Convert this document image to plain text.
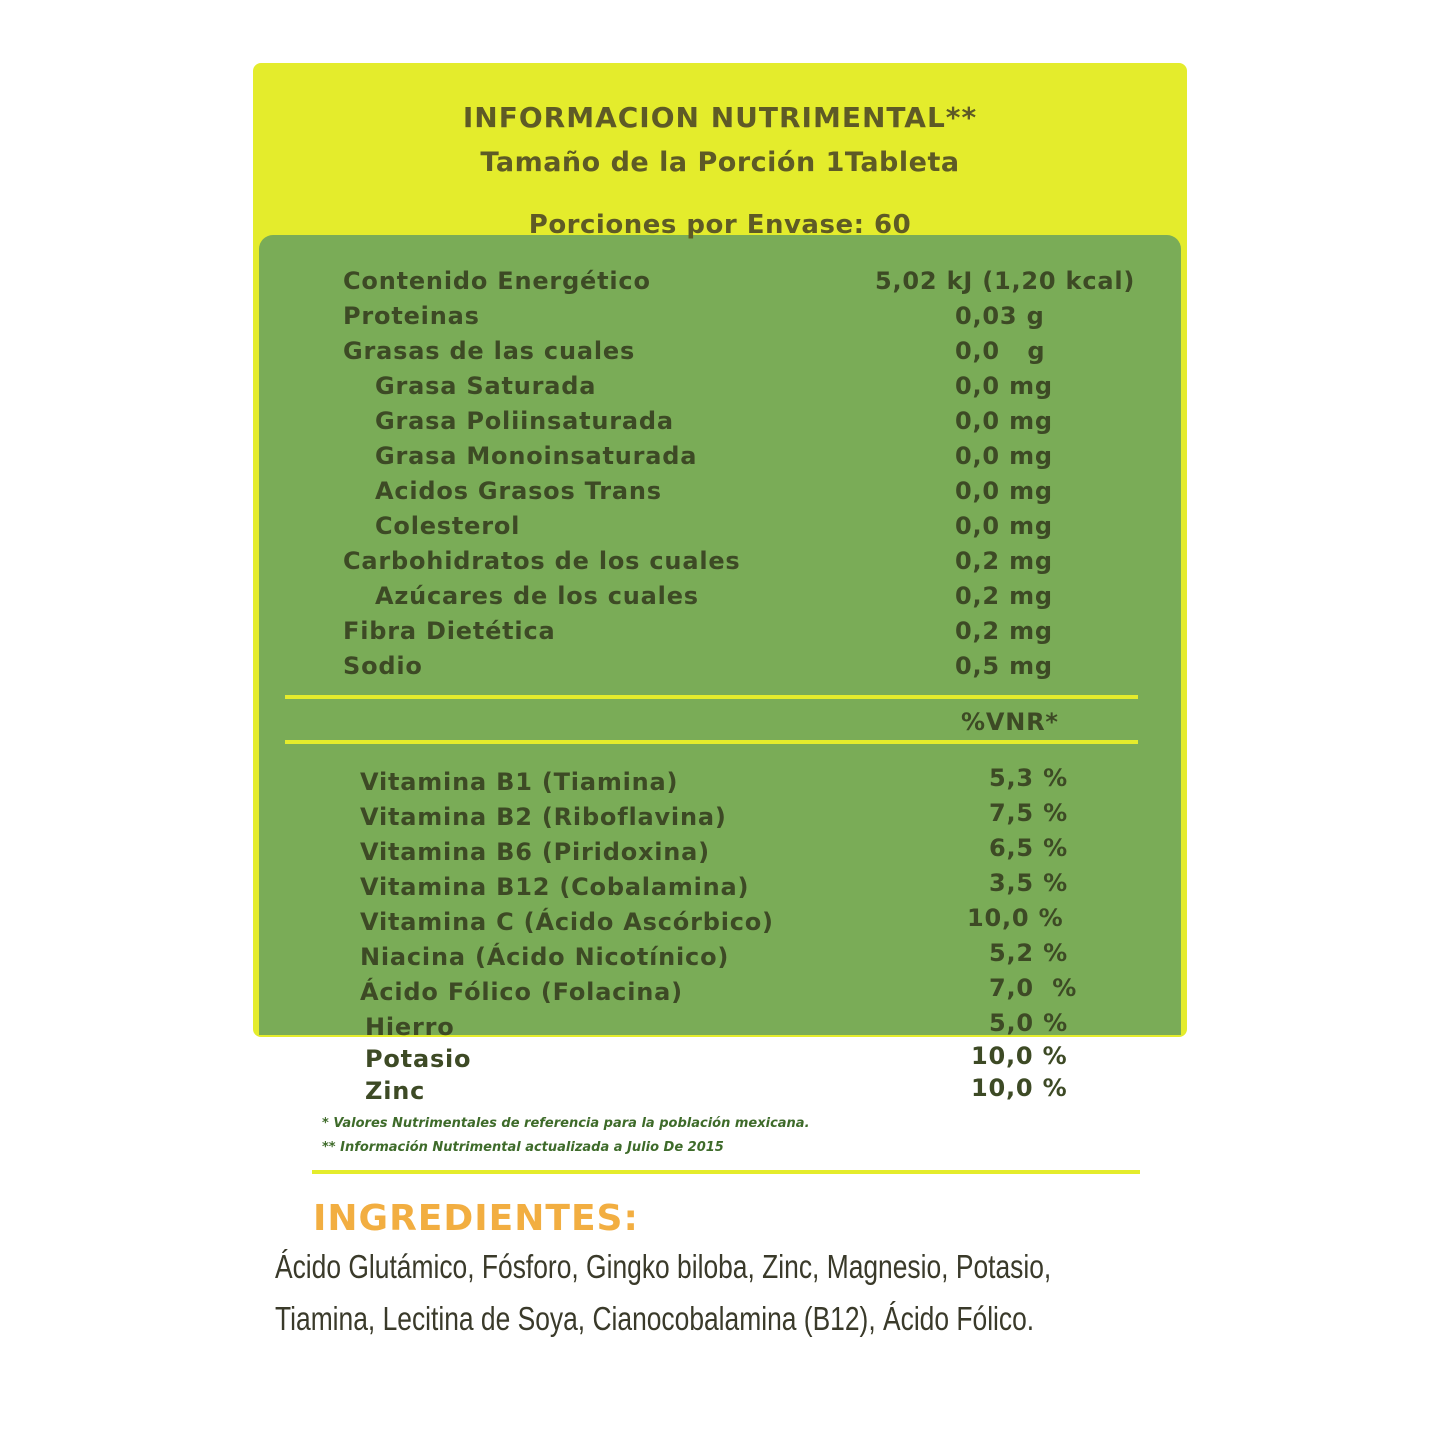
INFORMACION NUTRIMENTAL**
Tamaño de la Porción 1Tableta
Porciones por Envase: 60
Contenido Energético	5,02 kJ (1,20 kcal)
Proteinas	0,03 g
Grasas de las cuales	0,0   g
Grasa Saturada	0,0 mg
Grasa Poliinsaturada	0,0 mg
Grasa Monoinsaturada	0,0 mg
Acidos Grasos Trans	0,0 mg
Colesterol	0,0 mg
Carbohidratos de los cuales	0,2 mg
Azúcares de los cuales	0,2 mg
Fibra Dietética	0,2 mg
Sodio	0,5 mg
%VNR*
Vitamina B1 (Tiamina)	5,3 %
Vitamina B2 (Riboflavina)	7,5 %
Vitamina B6 (Piridoxina)	6,5 %
Vitamina B12 (Cobalamina)	3,5 %
Vitamina C (Ácido Ascórbico)	10,0 %
Niacina (Ácido Nicotínico)	5,2 %
Ácido Fólico (Folacina)	7,0  %
Hierro	5,0 %
Potasio	10,0 %
Zinc	10,0 %
* Valores Nutrimentales de referencia para la población mexicana.
** Información Nutrimental actualizada a Julio De 2015
INGREDIENTES:
Ácido Glutámico, Fósforo, Gingko biloba, Zinc, Magnesio, Potasio,
Tiamina, Lecitina de Soya, Cianocobalamina (B12), Ácido Fólico.
